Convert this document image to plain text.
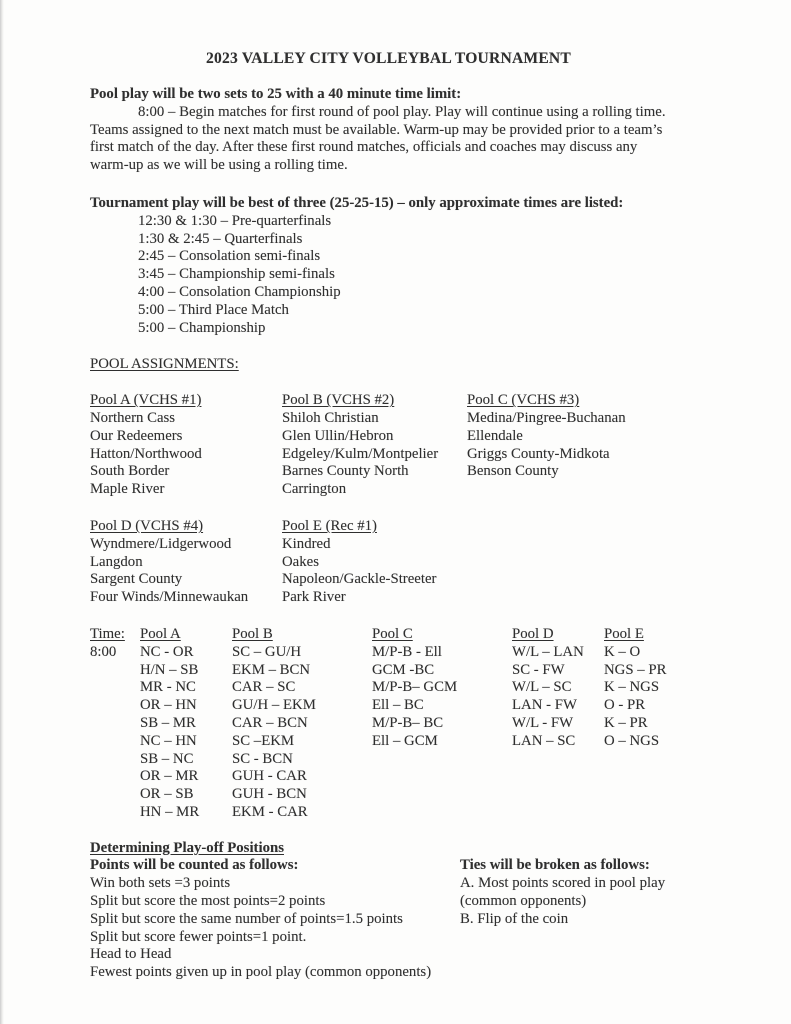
2023 VALLEY CITY VOLLEYBAL TOURNAMENT
Pool play will be two sets to 25 with a 40 minute time limit:
8:00 – Begin matches for first round of pool play. Play will continue using a rolling time.
Teams assigned to the next match must be available. Warm-up may be provided prior to a team’s
first match of the day. After these first round matches, officials and coaches may discuss any
warm-up as we will be using a rolling time.
Tournament play will be best of three (25-25-15) – only approximate times are listed:
12:30 & 1:30 – Pre-quarterfinals
1:30 & 2:45 – Quarterfinals
2:45 – Consolation semi-finals
3:45 – Championship semi-finals
4:00 – Consolation Championship
5:00 – Third Place Match
5:00 – Championship
POOL ASSIGNMENTS:
Pool A (VCHS #1)
Northern Cass
Our Redeemers
Hatton/Northwood
South Border
Maple River
Pool B (VCHS #2)
Shiloh Christian
Glen Ullin/Hebron
Edgeley/Kulm/Montpelier
Barnes County North
Carrington
Pool C (VCHS #3)
Medina/Pingree-Buchanan
Ellendale
Griggs County-Midkota
Benson County
Pool D (VCHS #4)
Wyndmere/Lidgerwood
Langdon
Sargent County
Four Winds/Minnewaukan
Pool E (Rec #1)
Kindred
Oakes
Napoleon/Gackle-Streeter
Park River
Time:
8:00
Pool A
NC - OR
H/N – SB
MR - NC
OR – HN
SB – MR
NC – HN
SB – NC
OR – MR
OR – SB
HN – MR
Pool B
SC – GU/H
EKM – BCN
CAR – SC
GU/H – EKM
CAR – BCN
SC –EKM
SC - BCN
GUH - CAR
GUH - BCN
EKM - CAR
Pool C
M/P-B - Ell
GCM -BC
M/P-B– GCM
Ell – BC
M/P-B– BC
Ell – GCM
Pool D
W/L – LAN
SC - FW
W/L – SC
LAN - FW
W/L - FW
LAN – SC
Pool E
K – O
NGS – PR
K – NGS
O - PR
K – PR
O – NGS
Determining Play-off Positions
Points will be counted as follows:
Win both sets =3 points
Split but score the most points=2 points
Split but score the same number of points=1.5 points
Split but score fewer points=1 point.
Head to Head
Fewest points given up in pool play (common opponents)
Ties will be broken as follows:
A. Most points scored in pool play
(common opponents)
B. Flip of the coin
